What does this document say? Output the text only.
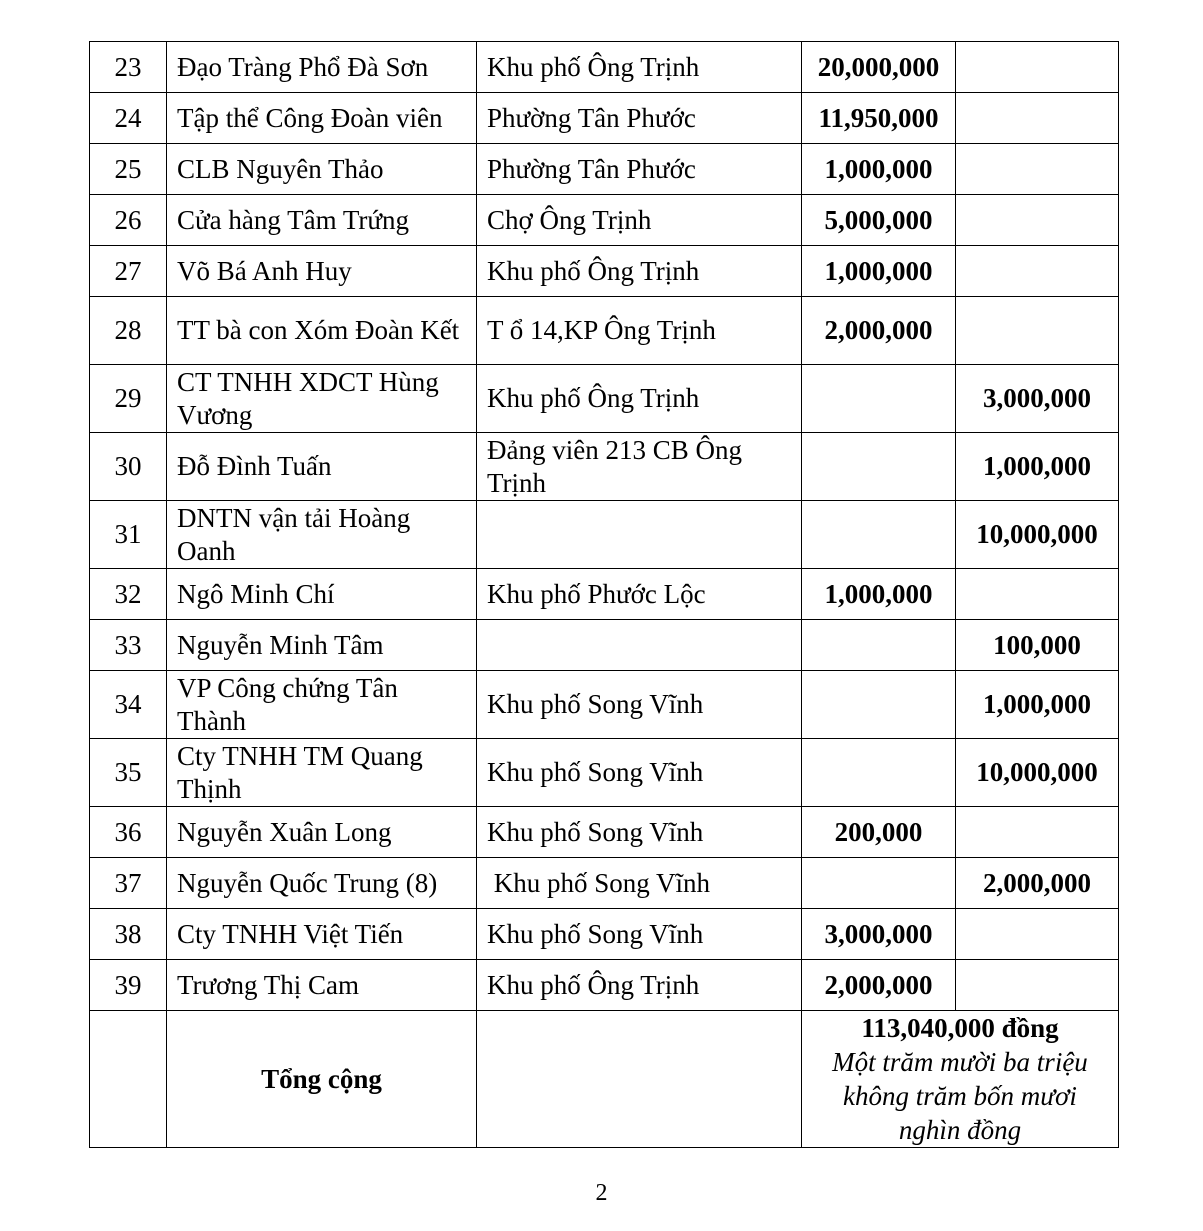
23	Đạo Tràng Phổ Đà Sơn	Khu phố Ông Trịnh	20,000,000	
24	Tập thể Công Đoàn viên	Phường Tân Phước	11,950,000	
25	CLB Nguyên Thảo	Phường Tân Phước	1,000,000	
26	Cửa hàng Tâm Trứng	Chợ Ông Trịnh	5,000,000	
27	Võ Bá Anh Huy	Khu phố Ông Trịnh	1,000,000	
28	TT bà con Xóm Đoàn Kết	T ổ 14,KP Ông Trịnh	2,000,000	
29	CT TNHH XDCT Hùng Vương	Khu phố Ông Trịnh		3,000,000
30	Đỗ Đình Tuấn	Đảng viên 213 CB Ông Trịnh		1,000,000
31	DNTN vận tải Hoàng Oanh			10,000,000
32	Ngô Minh Chí	Khu phố Phước Lộc	1,000,000	
33	Nguyễn Minh Tâm			100,000
34	VP Công chứng Tân Thành	Khu phố Song Vĩnh		1,000,000
35	Cty TNHH TM Quang Thịnh	Khu phố Song Vĩnh		10,000,000
36	Nguyễn Xuân Long	Khu phố Song Vĩnh	200,000	
37	Nguyễn Quốc Trung (8)	Khu phố Song Vĩnh		2,000,000
38	Cty TNHH Việt Tiến	Khu phố Song Vĩnh	3,000,000	
39	Trương Thị Cam	Khu phố Ông Trịnh	2,000,000	
	Tổng cộng		113,040,000 đồng
Một trăm mười ba triệu không trăm bốn mươi nghìn đồng	
2
